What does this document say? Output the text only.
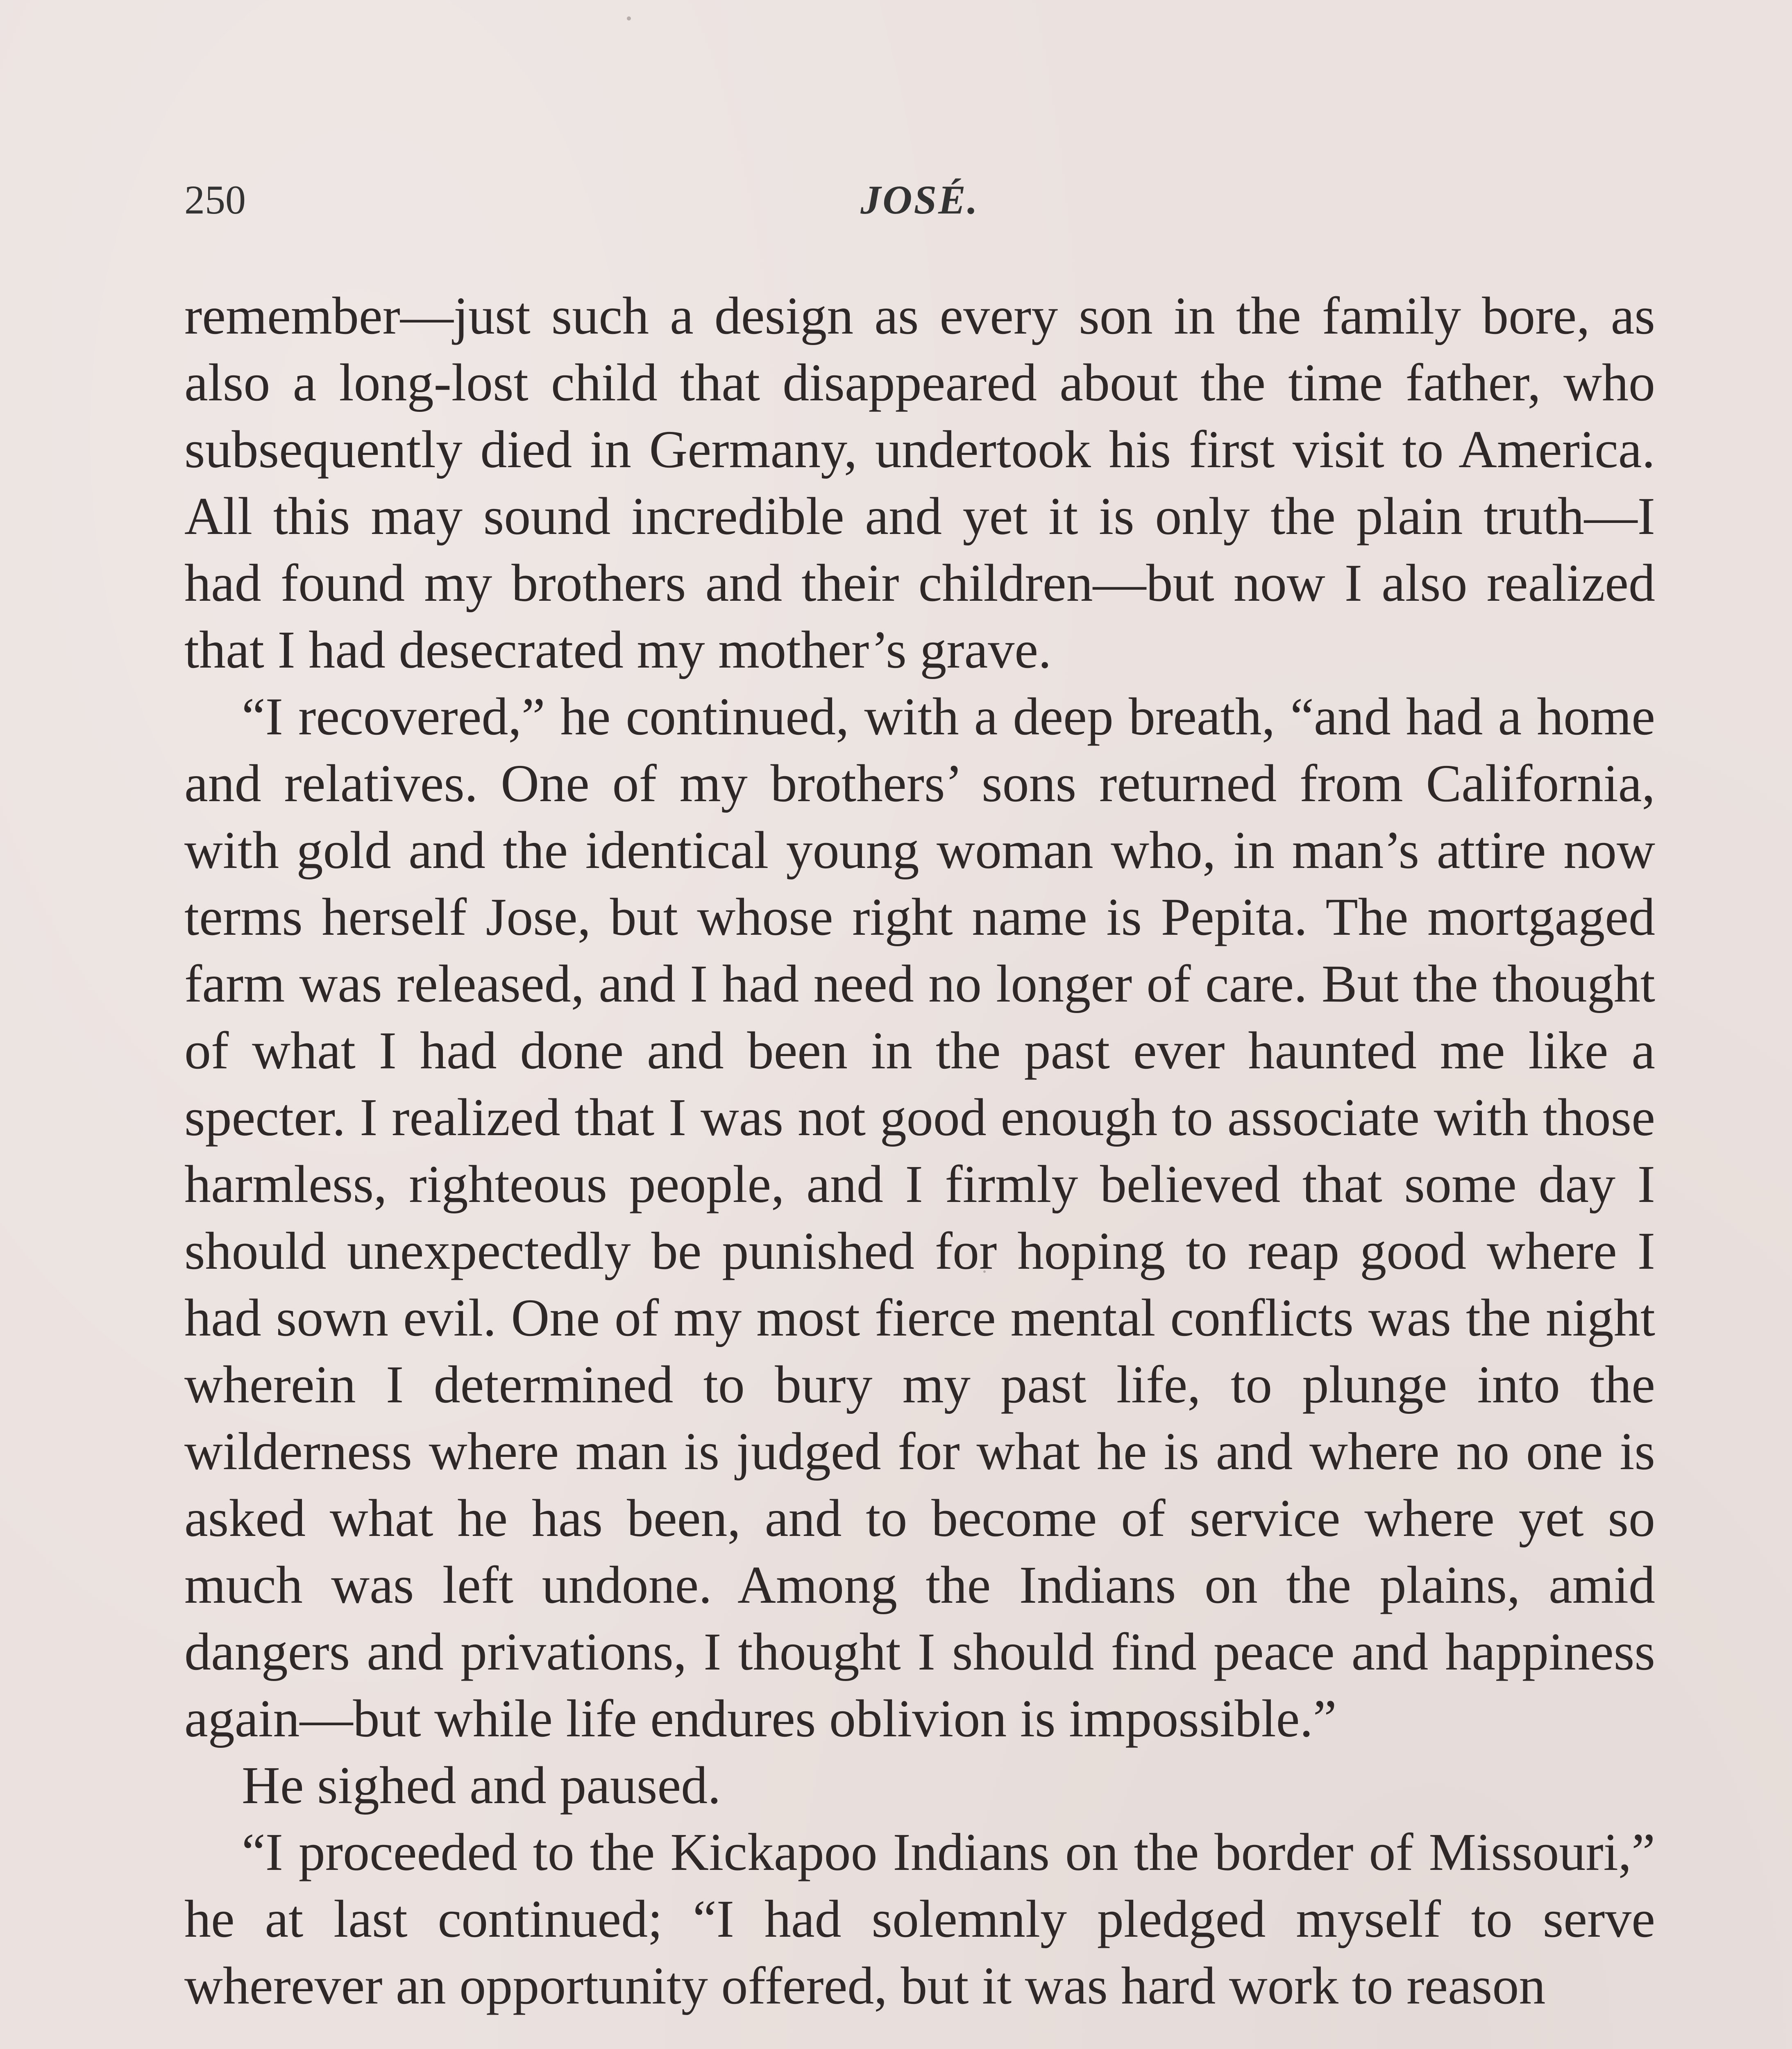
250	JOSÉ.

remember—just such a design as every son in the family bore, as also a long-lost child that disappeared about the time father, who subsequently died in Germany, undertook his first visit to America. All this may sound incredible and yet it is only the plain truth—I had found my brothers and their children—but now I also realized that I had desecrated my mother’s grave.

“I recovered,” he continued, with a deep breath, “and had a home and relatives. One of my brothers’ sons returned from California, with gold and the identical young woman who, in man’s attire now terms herself Jose, but whose right name is Pepita. The mortgaged farm was released, and I had need no longer of care. But the thought of what I had done and been in the past ever haunted me like a specter. I realized that I was not good enough to associate with those harmless, righteous people, and I firmly believed that some day I should unexpectedly be punished for hoping to reap good where I had sown evil. One of my most fierce mental conflicts was the night wherein I determined to bury my past life, to plunge into the wilderness where man is judged for what he is and where no one is asked what he has been, and to become of service where yet so much was left undone. Among the Indians on the plains, amid dangers and privations, I thought I should find peace and happiness again—but while life endures oblivion is impossible.”

He sighed and paused.

“I proceeded to the Kickapoo Indians on the border of Missouri,” he at last continued; “I had solemnly pledged myself to serve wherever an opportunity offered, but it was hard work to reason
